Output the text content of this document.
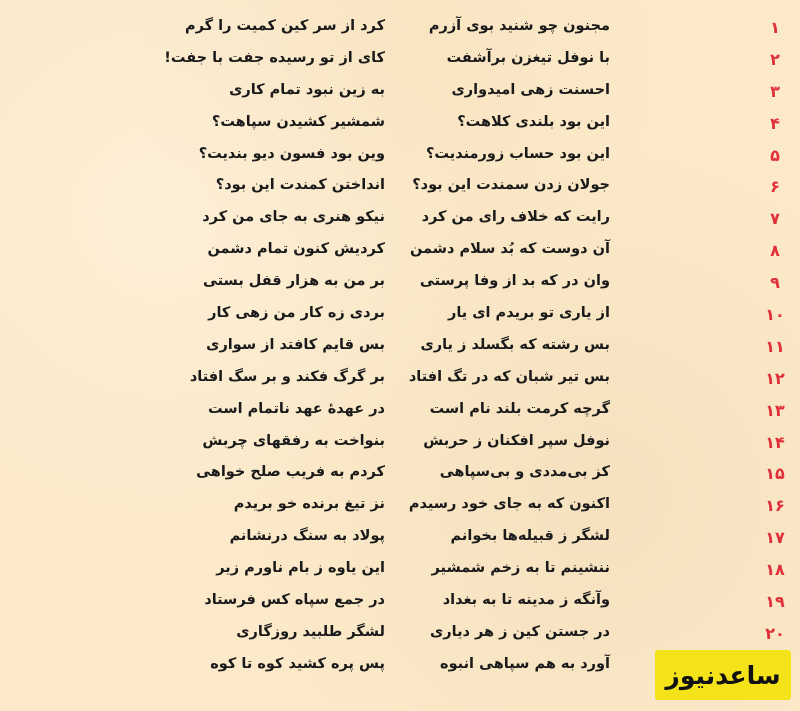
۱
مجنون چو شنید بوی آزرم
کرد از سر کین کمیت را گرم
۲
با نوفل تیغزن برآشفت
کای از تو رسیده جفت با جفت!
۳
احسنت زهی امیدواری
به زین نبود تمام کاری
۴
این بود بلندی کلاهت؟
شمشیر کشیدن سپاهت؟
۵
این بود حساب زورمندیت؟
وین بود فسون دیو بندیت؟
۶
جولان زدن سمندت این بود؟
انداختن کمندت این بود؟
۷
رایت که خلاف رای من کرد
نیکو هنری به جای من کرد
۸
آن دوست که بُد سلام دشمن
کردیش کنون تمام دشمن
۹
وان در که بد از وفا پرستی
بر من به هزار قفل بستی
۱۰
از یاری تو بریدم ای یار
بردی زه کار من زهی کار
۱۱
بس رشته که بگسلد ز یاری
بس قایم کافتد از سواری
۱۲
بس تیر شبان که در تگ افتاد
بر گرگ فکند و بر سگ افتاد
۱۳
گرچه کرمت بلند نام است
در عهدهٔ عهد ناتمام است
۱۴
نوفل سپر افکنان ز حربش
بنواخت به رفقهای چربش
۱۵
کز بی‌مددی و بی‌سپاهی
کردم به فریب صلح خواهی
۱۶
اکنون که به جای خود رسیدم
نز تیغ برنده خو بریدم
۱۷
لشگر ز قبیله‌ها بخوانم
پولاد به سنگ درنشانم
۱۸
ننشینم تا به زخم شمشیر
این یاوه ز بام ناورم زیر
۱۹
وآنگه ز مدینه تا به بغداد
در جمع سپاه کس فرستاد
۲۰
در جستن کین ز هر دیاری
لشگر طلبید روزگاری
آورد به هم سپاهی انبوه
پس پره کشید کوه تا کوه	ساعدنیوز
